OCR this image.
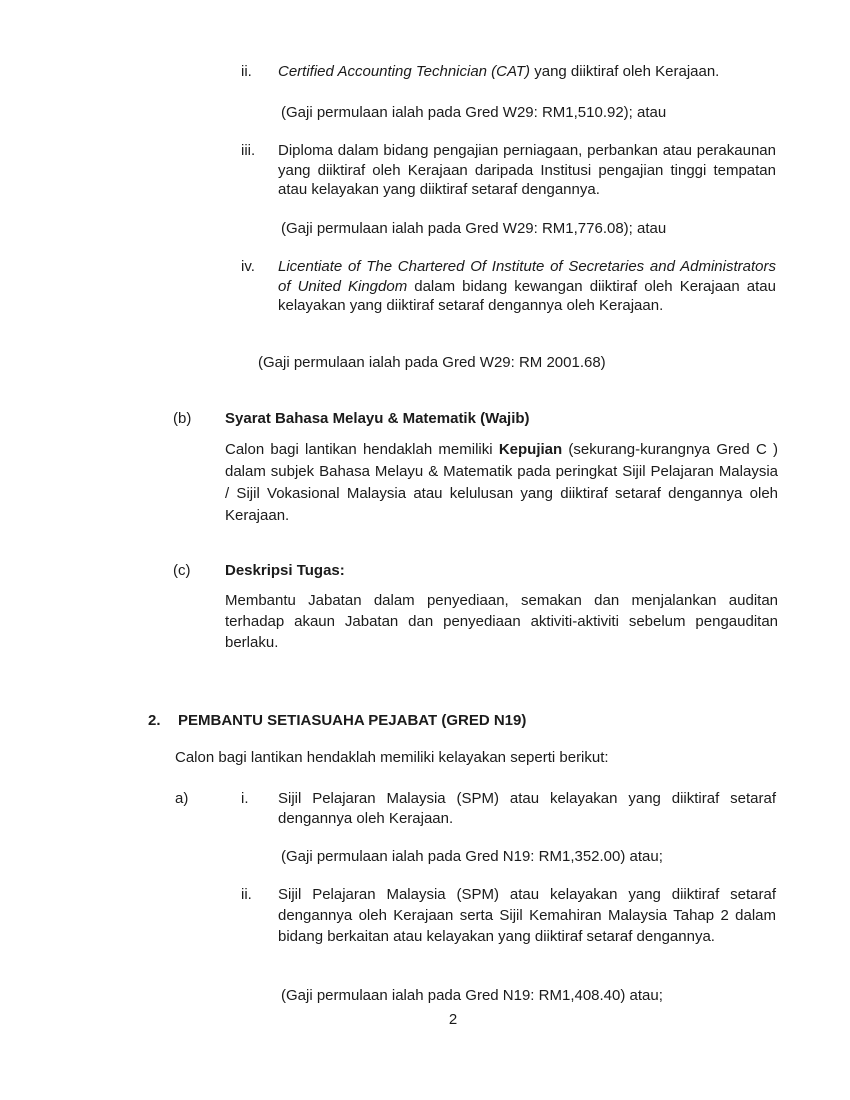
ii.	Certified Accounting Technician (CAT) yang diiktiraf oleh Kerajaan.
(Gaji permulaan ialah pada Gred W29: RM1,510.92); atau
iii.	Diploma dalam bidang pengajian perniagaan, perbankan atau perakaunan yang diiktiraf oleh Kerajaan daripada Institusi pengajian tinggi tempatan atau kelayakan yang diiktiraf setaraf dengannya.
(Gaji permulaan ialah pada Gred W29: RM1,776.08); atau
iv.	Licentiate of The Chartered Of Institute of Secretaries and Administrators of United Kingdom dalam bidang kewangan diiktiraf oleh Kerajaan atau kelayakan yang diiktiraf setaraf dengannya oleh Kerajaan.
(Gaji permulaan ialah pada Gred W29: RM 2001.68)
(b) Syarat Bahasa Melayu & Matematik (Wajib)
Calon bagi lantikan hendaklah memiliki Kepujian (sekurang-kurangnya Gred C ) dalam subjek Bahasa Melayu & Matematik pada peringkat Sijil Pelajaran Malaysia / Sijil Vokasional Malaysia atau kelulusan yang diiktiraf setaraf dengannya oleh Kerajaan.
(c) Deskripsi Tugas:
Membantu Jabatan dalam penyediaan, semakan dan menjalankan auditan terhadap akaun Jabatan dan penyediaan aktiviti-aktiviti sebelum pengauditan berlaku.
2.	PEMBANTU SETIASUAHA PEJABAT (GRED N19)
Calon bagi lantikan hendaklah memiliki kelayakan seperti berikut:
a)	i.	Sijil Pelajaran Malaysia (SPM) atau kelayakan yang diiktiraf setaraf dengannya oleh Kerajaan.
(Gaji permulaan ialah pada Gred N19: RM1,352.00) atau;
ii.	Sijil Pelajaran Malaysia (SPM) atau kelayakan yang diiktiraf setaraf dengannya oleh Kerajaan serta Sijil Kemahiran Malaysia Tahap 2 dalam bidang berkaitan atau kelayakan yang diiktiraf setaraf dengannya.
(Gaji permulaan ialah pada Gred N19: RM1,408.40) atau;
2
